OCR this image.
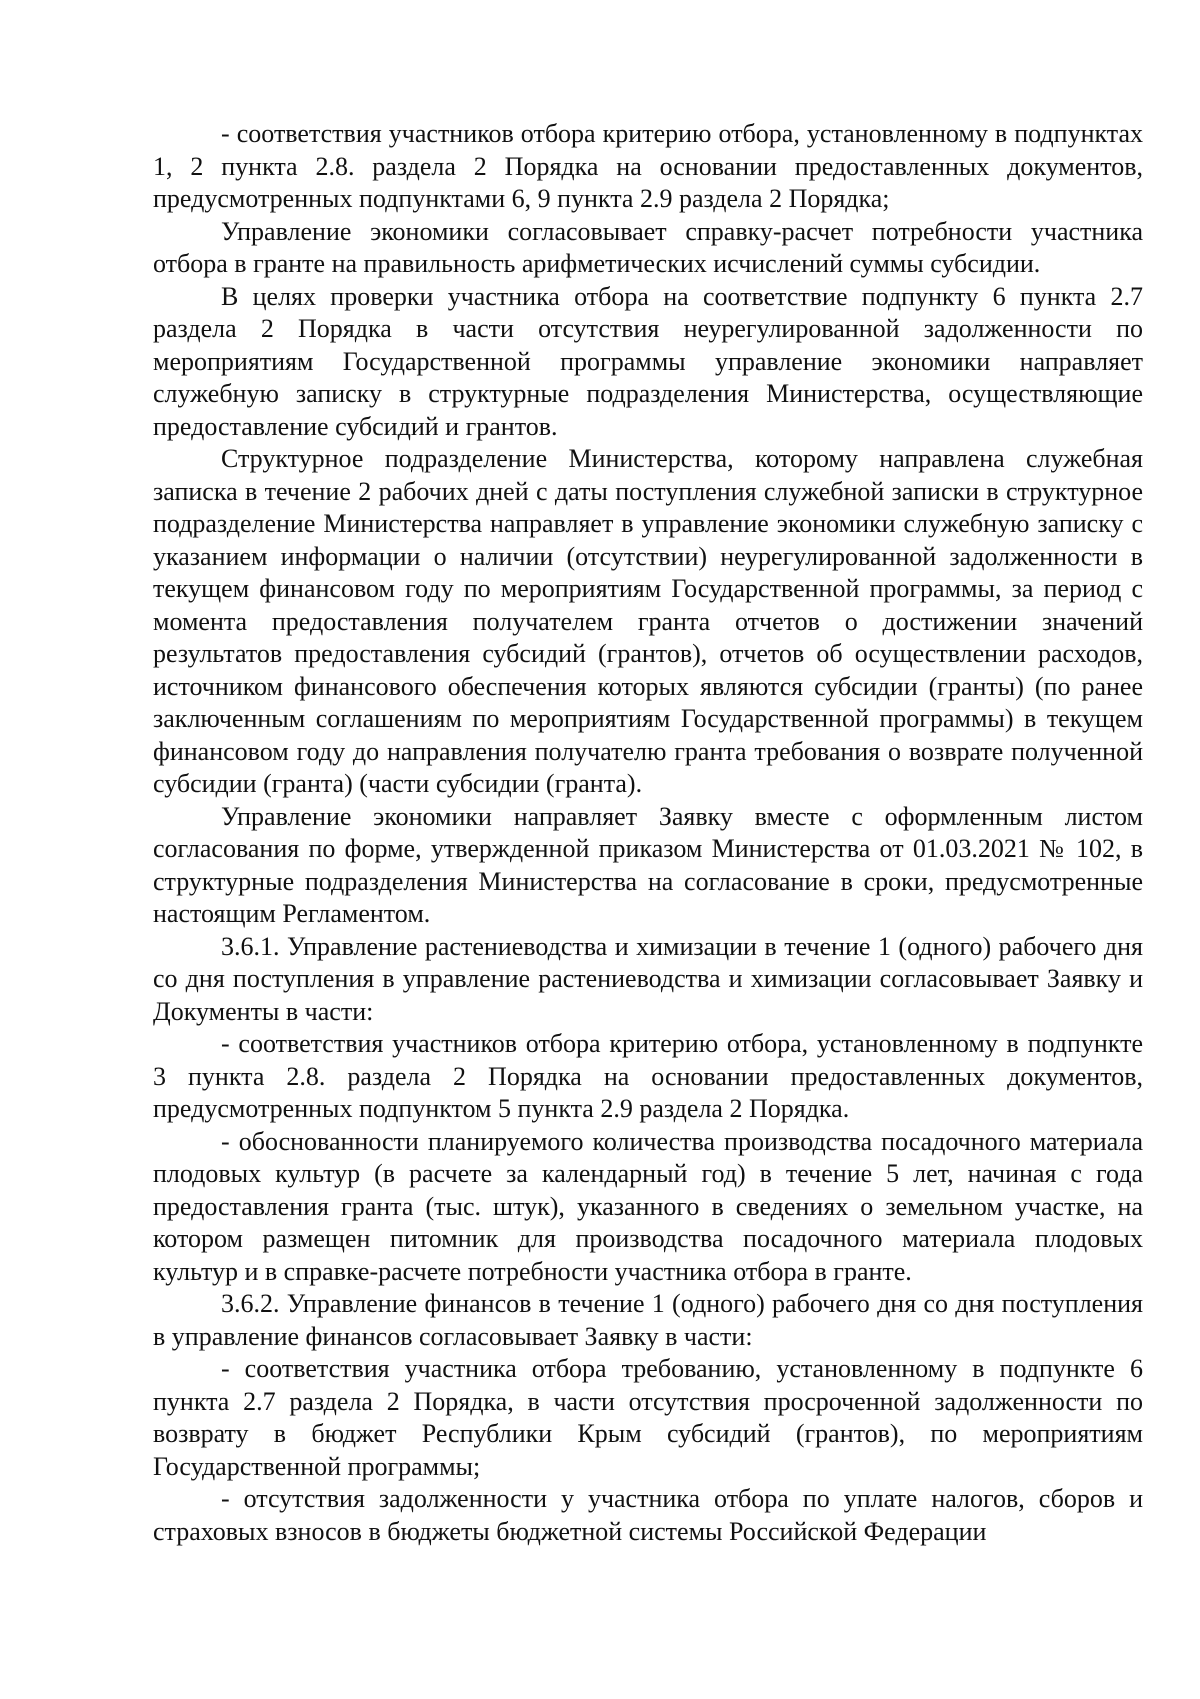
- соответствия участников отбора критерию отбора, установленному в подпунктах 1, 2 пункта 2.8. раздела 2 Порядка на основании предоставленных документов, предусмотренных подпунктами 6, 9 пункта 2.9 раздела 2 Порядка;

Управление экономики согласовывает справку-расчет потребности участника отбора в гранте на правильность арифметических исчислений суммы субсидии.

В целях проверки участника отбора на соответствие подпункту 6 пункта 2.7 раздела 2 Порядка в части отсутствия неурегулированной задолженности по мероприятиям Государственной программы управление экономики направляет служебную записку в структурные подразделения Министерства, осуществляющие предоставление субсидий и грантов.

Структурное подразделение Министерства, которому направлена служебная записка в течение 2 рабочих дней с даты поступления служебной записки в структурное подразделение Министерства направляет в управление экономики служебную записку с указанием информации о наличии (отсутствии) неурегулированной задолженности в текущем финансовом году по мероприятиям Государственной программы, за период с момента предоставления получателем гранта отчетов о достижении значений результатов предоставления субсидий (грантов), отчетов об осуществлении расходов, источником финансового обеспечения которых являются субсидии (гранты) (по ранее заключенным соглашениям по мероприятиям Государственной программы) в текущем финансовом году до направления получателю гранта требования о возврате полученной субсидии (гранта) (части субсидии (гранта).

Управление экономики направляет Заявку вместе с оформленным листом согласования по форме, утвержденной приказом Министерства от 01.03.2021 № 102, в структурные подразделения Министерства на согласование в сроки, предусмотренные настоящим Регламентом.

3.6.1. Управление растениеводства и химизации в течение 1 (одного) рабочего дня со дня поступления в управление растениеводства и химизации согласовывает Заявку и Документы в части:

- соответствия участников отбора критерию отбора, установленному в подпункте 3 пункта 2.8. раздела 2 Порядка на основании предоставленных документов, предусмотренных подпунктом 5 пункта 2.9 раздела 2 Порядка.

- обоснованности планируемого количества производства посадочного материала плодовых культур (в расчете за календарный год) в течение 5 лет, начиная с года предоставления гранта (тыс. штук), указанного в сведениях о земельном участке, на котором размещен питомник для производства посадочного материала плодовых культур и в справке-расчете потребности участника отбора в гранте.

3.6.2. Управление финансов в течение 1 (одного) рабочего дня со дня поступления в управление финансов согласовывает Заявку в части:

- соответствия участника отбора требованию, установленному в подпункте 6 пункта 2.7 раздела 2 Порядка, в части отсутствия просроченной задолженности по возврату в бюджет Республики Крым субсидий (грантов), по мероприятиям Государственной программы;

- отсутствия задолженности у участника отбора по уплате налогов, сборов и страховых взносов в бюджеты бюджетной системы Российской Федерации
